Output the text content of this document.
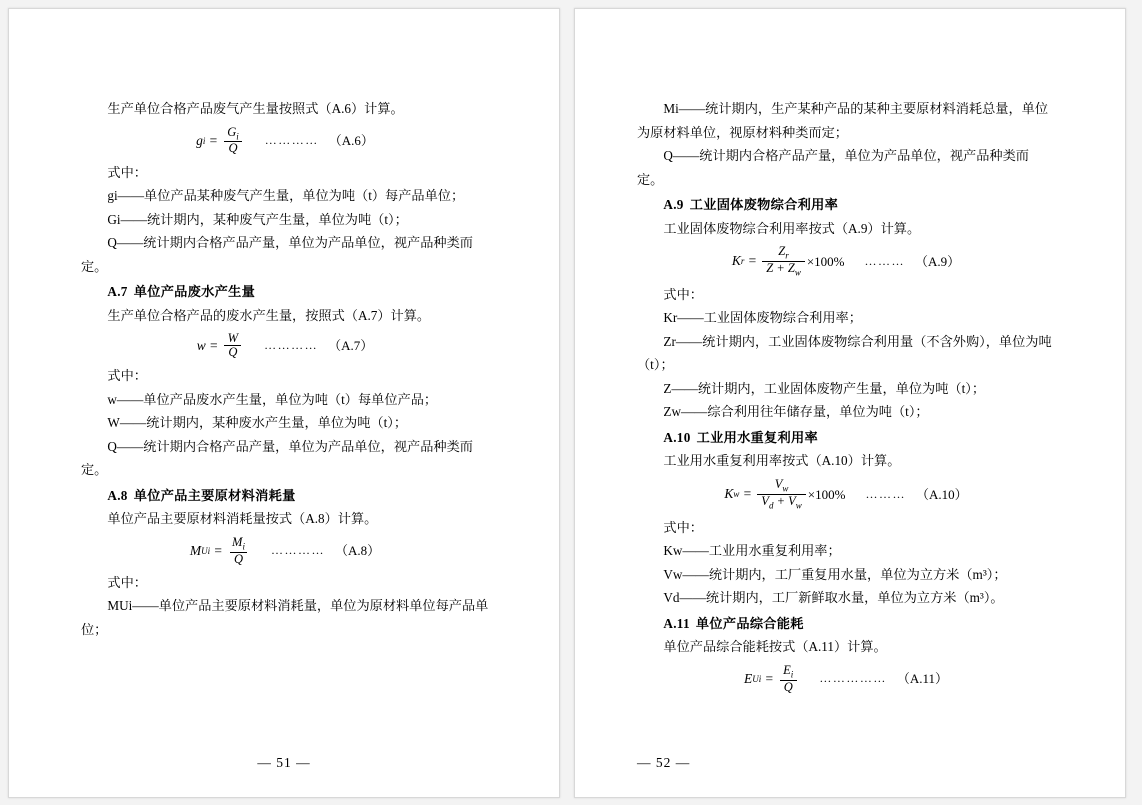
生产单位合格产品废气产生量按照式（A.6）计算。

g $i = \frac{G_i}{Q}$ ………… （A.6）

式中：

gi——单位产品某种废气产生量，单位为吨（t）每产品单位；

Gi——统计期内，某种废气产生量，单位为吨（t）；

Q——统计期内合格产品产量，单位为产品单位，视产品种类而定。

A.7 单位产品废水产生量

生产单位合格产品的废水产生量，按照式（A.7）计算。

$w = \frac{W}{Q}$ ………… （A.7）

式中：

w——单位产品废水产生量，单位为吨（t）每单位产品；

W——统计期内，某种废水产生量，单位为吨（t）；

Q——统计期内合格产品产量，单位为产品单位，视产品种类而定。

A.8 单位产品主要原材料消耗量

单位产品主要原材料消耗量按式（A.8）计算。

M $Ui = \frac{M_i}{Q}$ ………… （A.8）

式中：

MUi——单位产品主要原材料消耗量，单位为原材料单位每产品单位；

— 51 —

Mi——统计期内，生产某种产品的某种主要原材料消耗总量，单位为原材料单位，视原材料种类而定；

Q——统计期内合格产品产量，单位为产品单位，视产品种类而定。

A.9 工业固体废物综合利用率

工业固体废物综合利用率按式（A.9）计算。

K $r = \frac{Z_r}{Z + Z_w} \times 100\%$ ……… （A.9）

式中：

Kr——工业固体废物综合利用率；

Zr——统计期内，工业固体废物综合利用量（不含外购），单位为吨（t）；

Z——统计期内，工业固体废物产生量，单位为吨（t）；

Zw——综合利用往年储存量，单位为吨（t）；

A.10 工业用水重复利用率

工业用水重复利用率按式（A.10）计算。

K $w = \frac{V_w}{V_d + V_w} \times 100\%$ ……… （A.10）

式中：

Kw——工业用水重复利用率；

Vw——统计期内，工厂重复用水量，单位为立方米（m³）；

Vd——统计期内，工厂新鲜取水量，单位为立方米（m³）。

A.11 单位产品综合能耗

单位产品综合能耗按式（A.11）计算。

E $Ui = \frac{E_i}{Q}$ …………… （A.11）
— 52 —
